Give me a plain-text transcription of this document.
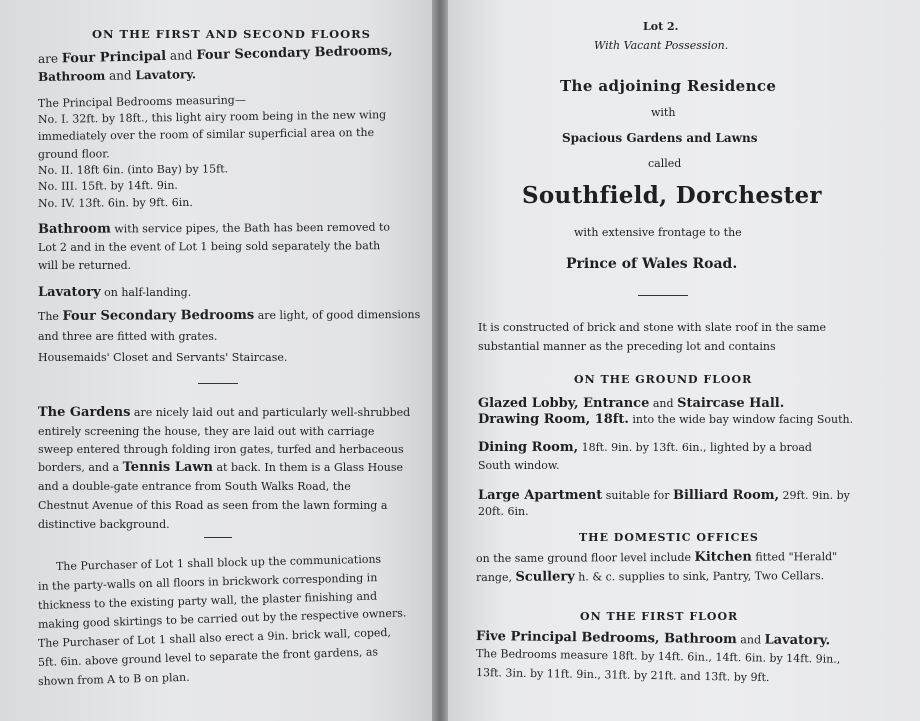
ON THE FIRST AND SECOND FLOORS
are Four Principal and Four Secondary Bedrooms,
Bathroom and Lavatory.
The Principal Bedrooms measuring—
No. I. 32ft. by 18ft., this light airy room being in the new wing
immediately over the room of similar superficial area on the
ground floor.
No. II. 18ft 6in. (into Bay) by 15ft.
No. III. 15ft. by 14ft. 9in.
No. IV. 13ft. 6in. by 9ft. 6in.
Bathroom with service pipes, the Bath has been removed to
Lot 2 and in the event of Lot 1 being sold separately the bath
will be returned.
Lavatory on half-landing.
The Four Secondary Bedrooms are light, of good dimensions
and three are fitted with grates.
Housemaids' Closet and Servants' Staircase.
The Gardens are nicely laid out and particularly well-shrubbed
entirely screening the house, they are laid out with carriage
sweep entered through folding iron gates, turfed and herbaceous
borders, and a Tennis Lawn at back. In them is a Glass House
and a double-gate entrance from South Walks Road, the
Chestnut Avenue of this Road as seen from the lawn forming a
distinctive background.
The Purchaser of Lot 1 shall block up the communications
in the party-walls on all floors in brickwork corresponding in
thickness to the existing party wall, the plaster finishing and
making good skirtings to be carried out by the respective owners.
The Purchaser of Lot 1 shall also erect a 9in. brick wall, coped,
5ft. 6in. above ground level to separate the front gardens, as
shown from A to B on plan.
Lot 2.
With Vacant Possession.
The adjoining Residence
with
Spacious Gardens and Lawns
called
Southfield, Dorchester
with extensive frontage to the
Prince of Wales Road.
It is constructed of brick and stone with slate roof in the same
substantial manner as the preceding lot and contains
ON THE GROUND FLOOR
Glazed Lobby, Entrance and Staircase Hall.
Drawing Room, 18ft. into the wide bay window facing South.
Dining Room, 18ft. 9in. by 13ft. 6in., lighted by a broad
South window.
Large Apartment suitable for Billiard Room, 29ft. 9in. by
20ft. 6in.
THE DOMESTIC OFFICES
on the same ground floor level include Kitchen fitted "Herald"
range, Scullery h. & c. supplies to sink, Pantry, Two Cellars.
ON THE FIRST FLOOR
Five Principal Bedrooms, Bathroom and Lavatory.
The Bedrooms measure 18ft. by 14ft. 6in., 14ft. 6in. by 14ft. 9in.,
13ft. 3in. by 11ft. 9in., 31ft. by 21ft. and 13ft. by 9ft.
